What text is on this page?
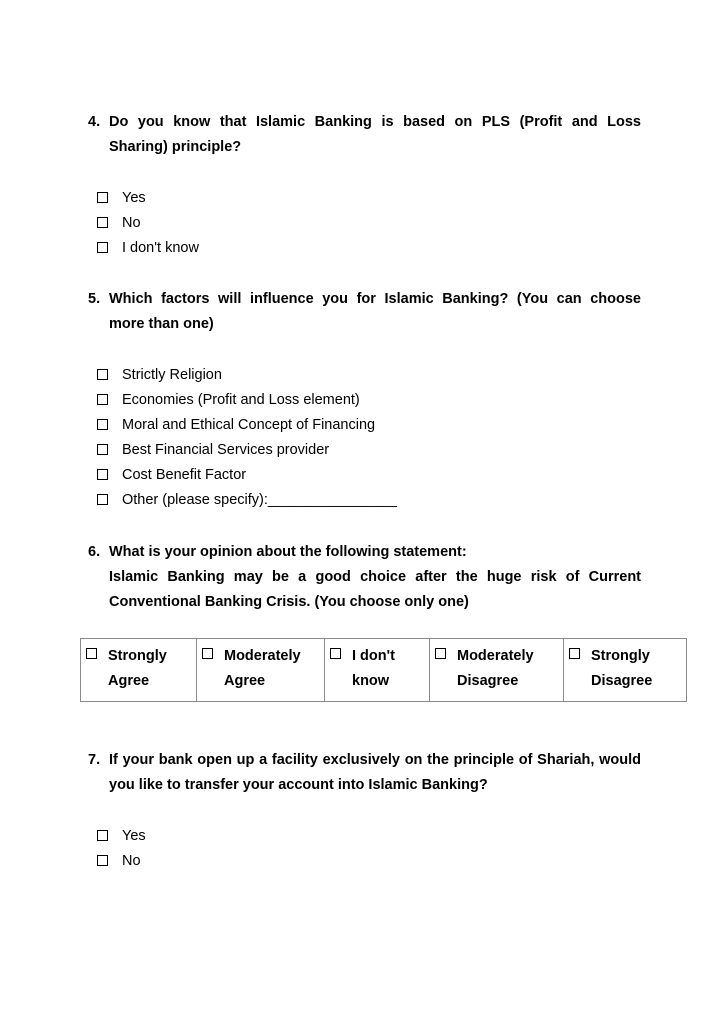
4. Do you know that Islamic Banking is based on PLS (Profit and Loss
Sharing) principle?
Yes
No
I don't know
5. Which factors will influence you for Islamic Banking? (You can choose
more than one)
Strictly Religion
Economies (Profit and Loss element)
Moral and Ethical Concept of Financing
Best Financial Services provider
Cost Benefit Factor
Other (please specify):________________
6. What is your opinion about the following statement:
Islamic Banking may be a good choice after the huge risk of Current
Conventional Banking Crisis. (You choose only one)
Strongly
Agree

Moderately
Agree

I don't
know

Moderately
Disagree

Strongly
Disagree
7. If your bank open up a facility exclusively on the principle of Shariah, would
you like to transfer your account into Islamic Banking?
Yes
No
